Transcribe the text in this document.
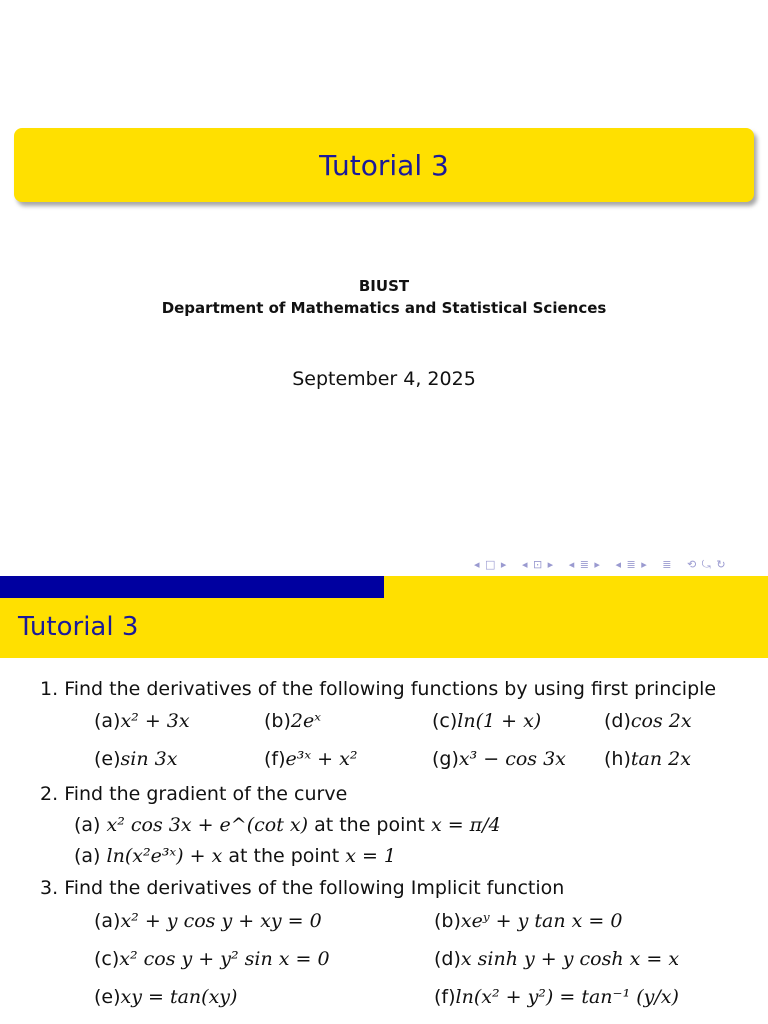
Tutorial 3
BIUST
Department of Mathematics and Statistical Sciences
September 4, 2025
◂ □ ▸ ◂ ⊡ ▸ ◂ ≣ ▸ ◂ ≣ ▸ ≣ ⟲ ⤿ ↻
Tutorial 3
1. Find the derivatives of the following functions by using first principle
(a)x² + 3x	(b)2eˣ	(c)ln(1 + x)	(d)cos 2x
(e)sin 3x	(f)e³ˣ + x²	(g)x³ − cos 3x (h)tan 2x
2. Find the gradient of the curve
(a) x² cos 3x + e^(cot x) at the point x = π/4
(a) ln(x²e³ˣ) + x at the point x = 1
3. Find the derivatives of the following Implicit function
(a)x² + y cos y + xy = 0	(b)xeʸ + y tan x = 0
(c)x² cos y + y² sin x = 0	(d)x sinh y + y cosh x = x
(e)xy = tan(xy)	(f)ln(x² + y²) = tan⁻¹ (y/x)
